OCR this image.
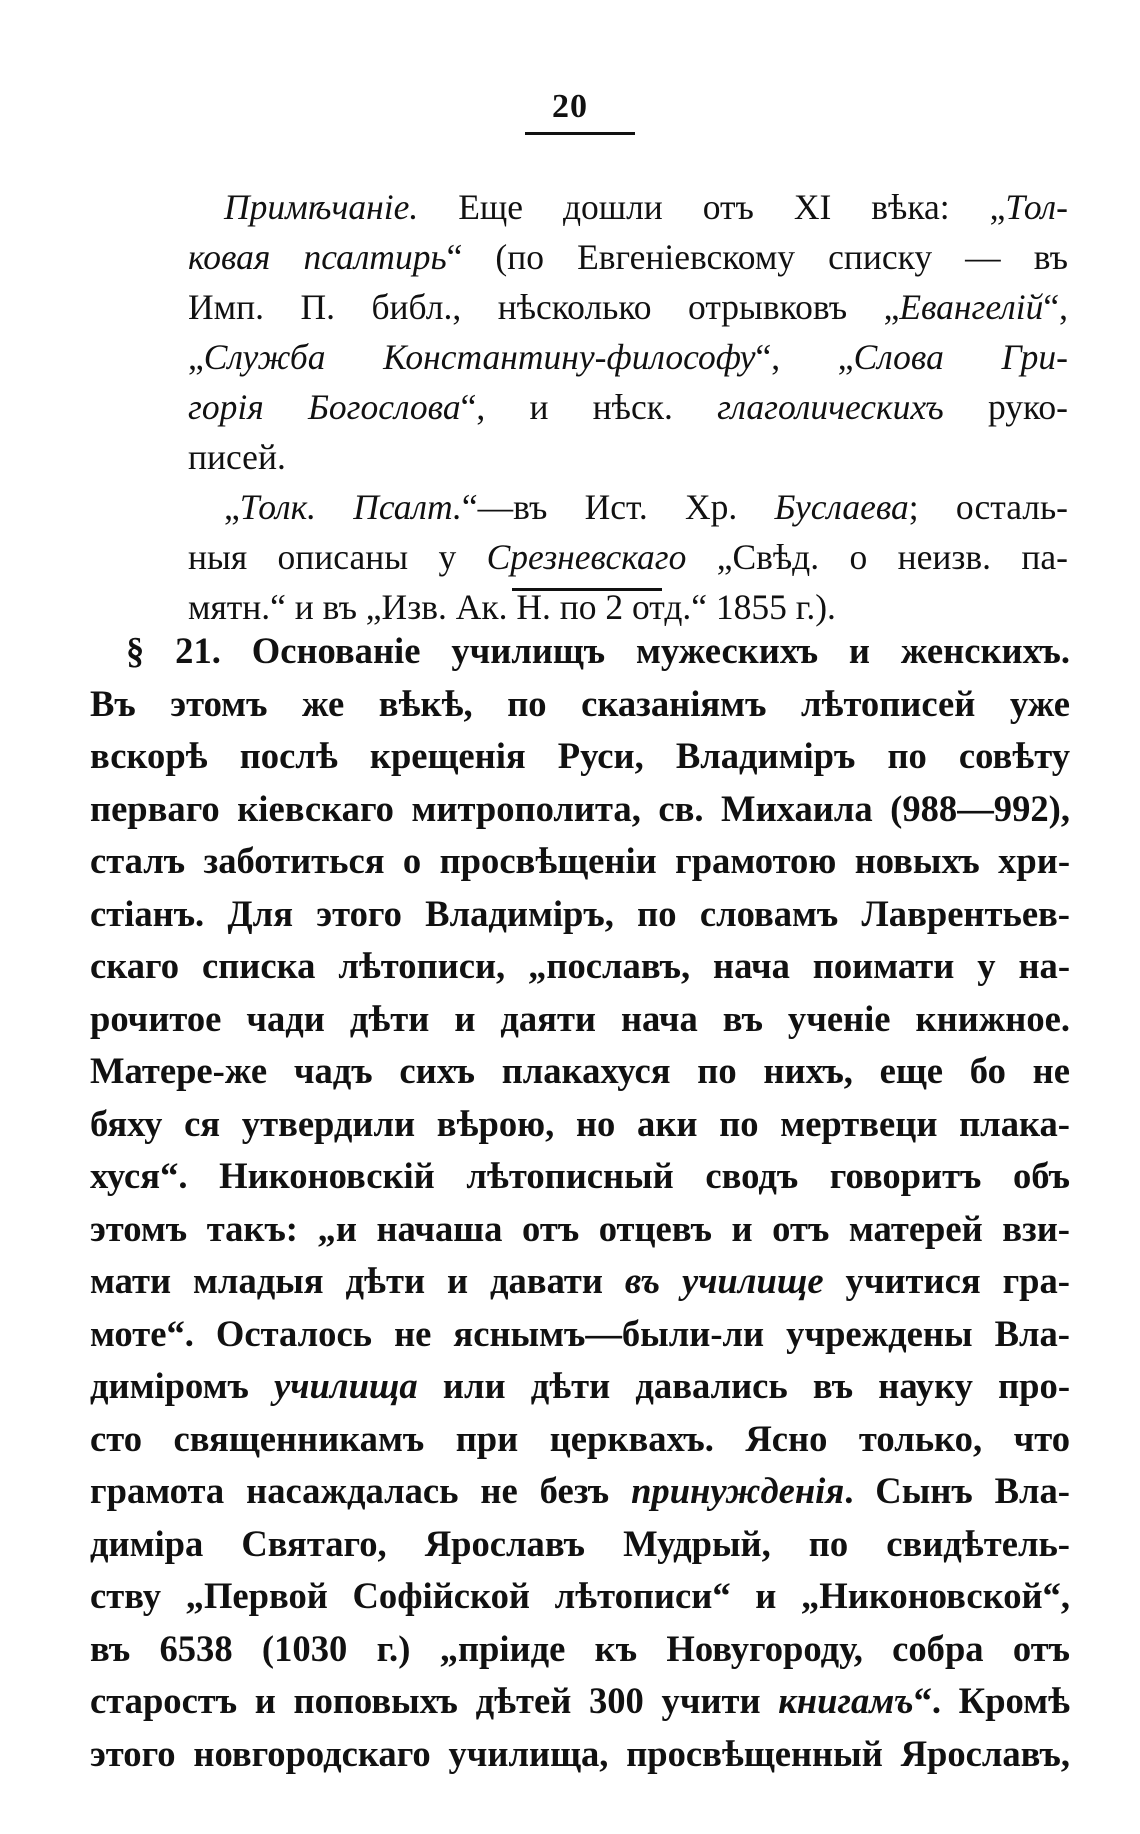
20
Примѣчаніе. Еще дошли отъ XI вѣка: „Тол-
ковая псалтирь“ (по Евгеніевскому списку — въ
Имп. П. библ., нѣсколько отрывковъ „Евангелій“,
„Служба Константину-философу“, „Слова Гри-
горія Богослова“, и нѣск. глаголическихъ руко-
писей.
„Толк. Псалт.“—въ Ист. Хр. Буслаева; осталь-
ныя описаны у Срезневскаго „Свѣд. о неизв. па-
мятн.“ и въ „Изв. Ак. Н. по 2 отд.“ 1855 г.).
§ 21. Основаніе училищъ мужескихъ и женскихъ.
Въ этомъ же вѣкѣ, по сказаніямъ лѣтописей уже
вскорѣ послѣ крещенія Руси, Владиміръ по совѣту
перваго кіевскаго митрополита, св. Михаила (988—992),
сталъ заботиться о просвѣщеніи грамотою новыхъ хри-
стіанъ. Для этого Владиміръ, по словамъ Лаврентьев-
скаго списка лѣтописи, „пославъ, нача поимати у на-
рочитое чади дѣти и даяти нача въ ученіе книжное.
Матере-же чадъ сихъ плакахуся по нихъ, еще бо не
бяху ся утвердили вѣрою, но аки по мертвеци плака-
хуся“. Никоновскій лѣтописный сводъ говоритъ объ
этомъ такъ: „и начаша отъ отцевъ и отъ матерей взи-
мати младыя дѣти и давати въ училище учитися гра-
моте“. Осталось не яснымъ—были-ли учреждены Вла-
диміромъ училища или дѣти давались въ науку про-
сто священникамъ при церквахъ. Ясно только, что
грамота насаждалась не безъ принужденія. Сынъ Вла-
диміра Святаго, Ярославъ Мудрый, по свидѣтель-
ству „Первой Софійской лѣтописи“ и „Никоновской“,
въ 6538 (1030 г.) „пріиде къ Новугороду, собра отъ
старостъ и поповыхъ дѣтей 300 учити книгамъ“. Кромѣ
этого новгородскаго училища, просвѣщенный Ярославъ,
